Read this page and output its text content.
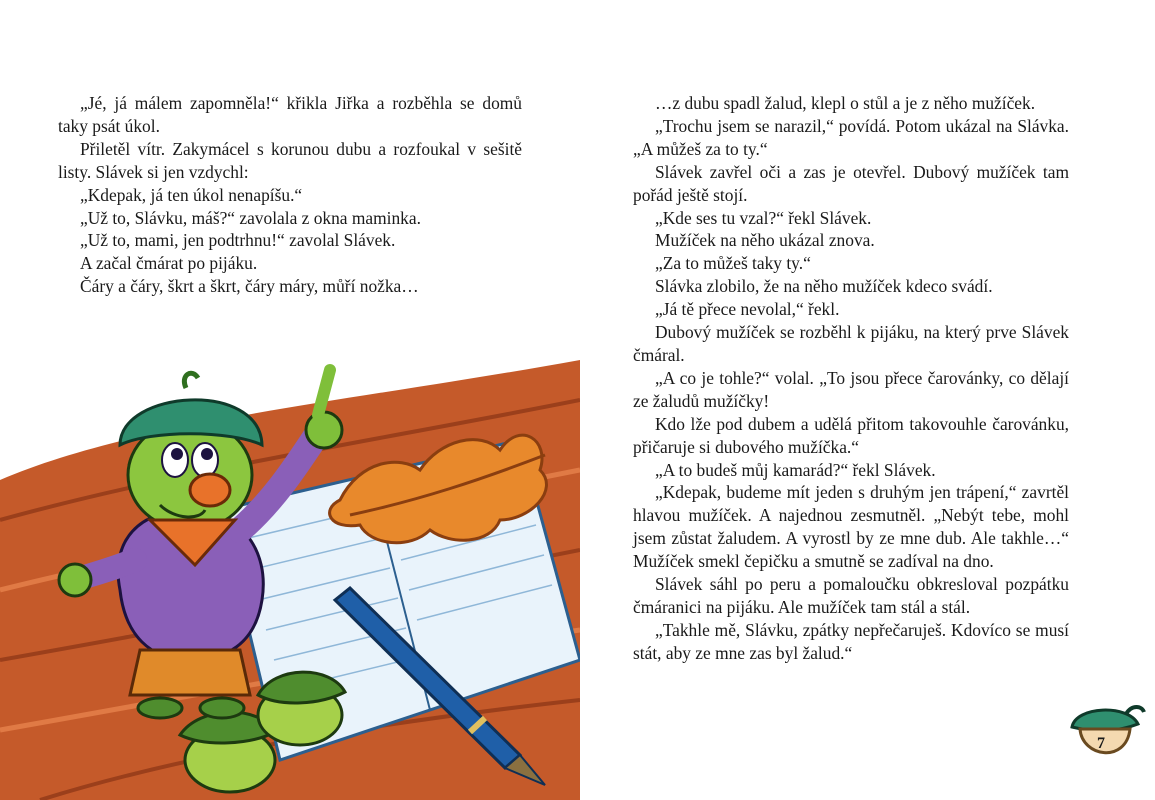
„Jé, já málem zapomněla!“ křikla Jiřka a rozběhla se domů taky psát úkol.

Přiletěl vítr. Zakymácel s korunou dubu a rozfoukal v sešitě listy. Slávek si jen vzdychl:

„Kdepak, já ten úkol nenapíšu.“

„Už to, Slávku, máš?“ zavolala z okna maminka.

„Už to, mami, jen podtrhnu!“ zavolal Slávek.

A začal čmárat po pijáku.

Čáry a čáry, škrt a škrt, čáry máry, můří nožka…

…z dubu spadl žalud, klepl o stůl a je z něho mužíček.

„Trochu jsem se narazil,“ povídá. Potom ukázal na Slávka. „A můžeš za to ty.“

Slávek zavřel oči a zas je otevřel. Dubový mužíček tam pořád ještě stojí.

„Kde ses tu vzal?“ řekl Slávek.

Mužíček na něho ukázal znova.

„Za to můžeš taky ty.“

Slávka zlobilo, že na něho mužíček kdeco svádí.

„Já tě přece nevolal,“ řekl.

Dubový mužíček se rozběhl k pijáku, na který prve Slávek čmáral.

„A co je tohle?“ volal. „To jsou přece čarovánky, co dělají ze žaludů mužíčky!

Kdo lže pod dubem a udělá přitom takovouhle čarovánku, přičaruje si dubového mužíčka.“

„A to budeš můj kamarád?“ řekl Slávek.

„Kdepak, budeme mít jeden s druhým jen trápení,“ zavrtěl hlavou mužíček. A najednou zesmutněl. „Nebýt tebe, mohl jsem zůstat žaludem. A vyrostl by ze mne dub. Ale takhle…“ Mužíček smekl čepičku a smutně se zadíval na dno.

Slávek sáhl po peru a pomaloučku obkresloval pozpátku čmáranici na pijáku. Ale mužíček tam stál a stál.

„Takhle mě, Slávku, zpátky nepřečaruješ. Kdovíco se musí stát, aby ze mne zas byl žalud.“

7
